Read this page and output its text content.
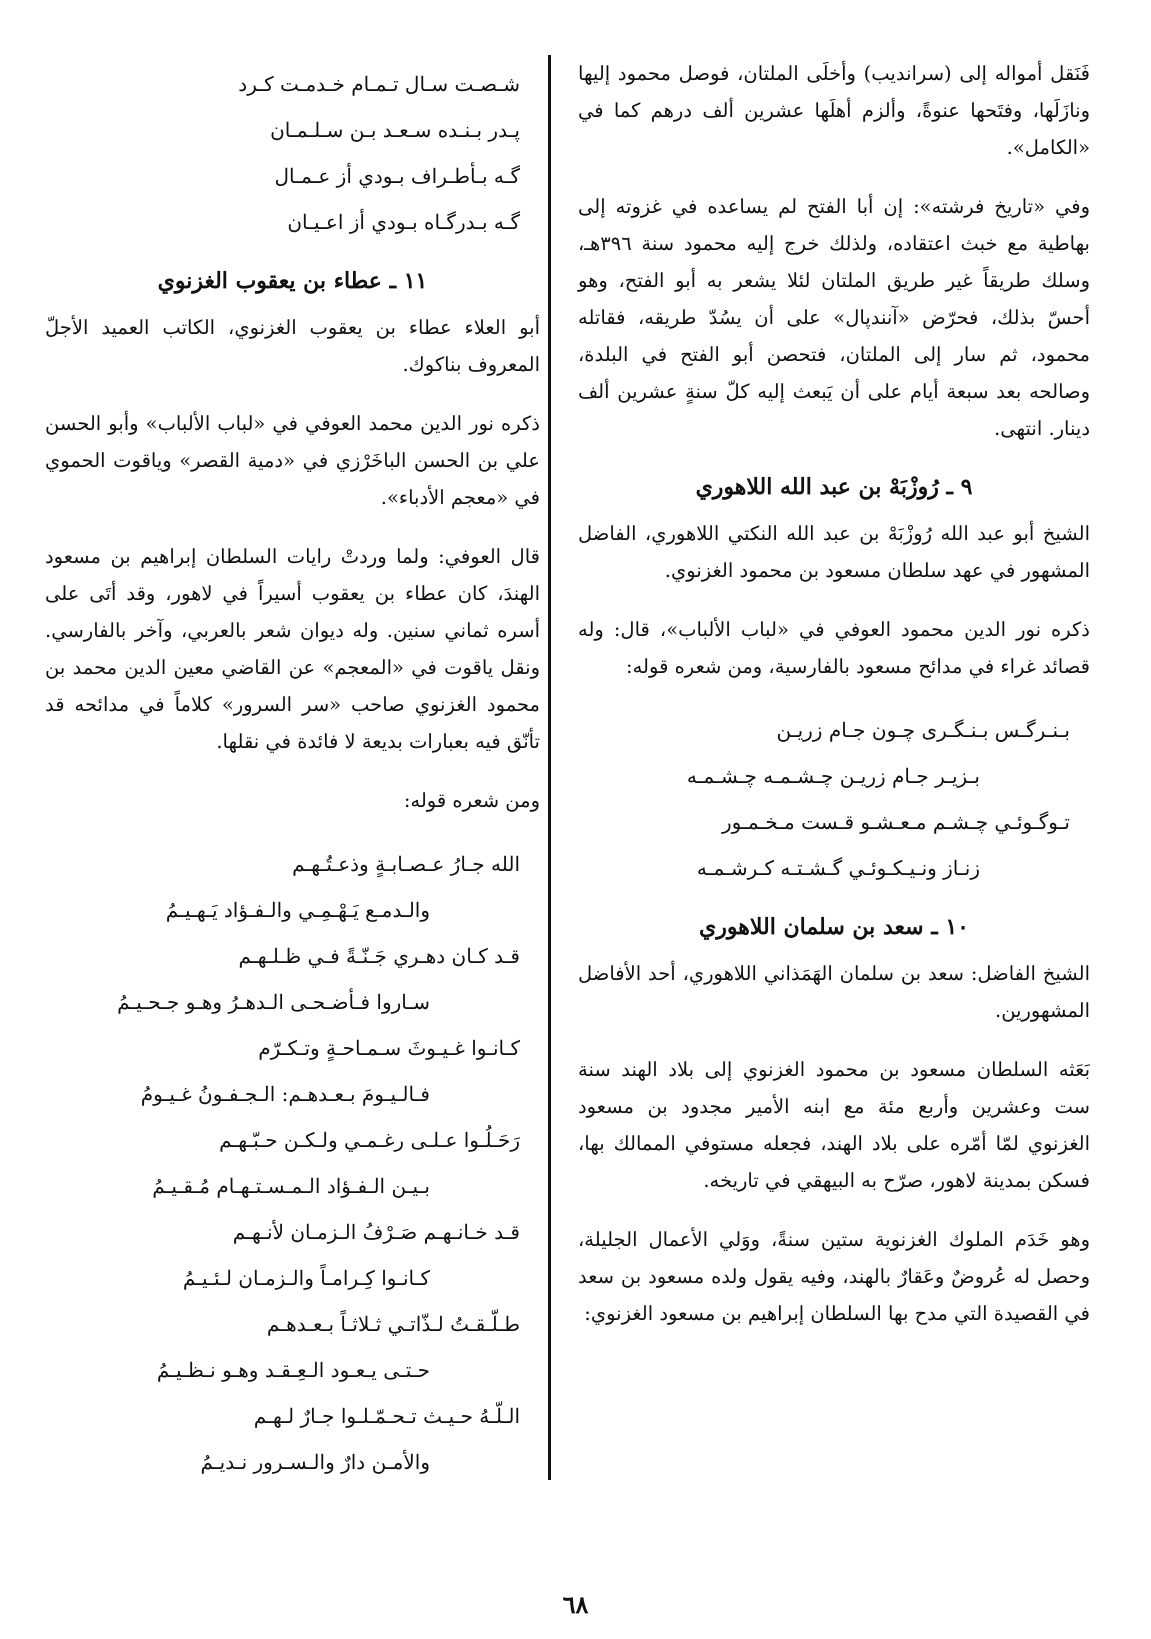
فَنَقل أمواله إلى (سرانديب) وأخلَى الملتان، فوصل محمود إليها ونازَلَها، وفتَحها عنوةً، وألزم أهلَها عشرين ألف درهم كما في «الكامل».

وفي «تاريخ فرشته»: إن أبا الفتح لم يساعده في غزوته إلى بهاطية مع خبث اعتقاده، ولذلك خرج إليه محمود سنة ٣٩٦هـ، وسلك طريقاً غير طريق الملتان لئلا يشعر به أبو الفتح، وهو أحسّ بذلك، فحرّض «آنندپال» على أن يسُدّ طريقه، فقاتله محمود، ثم سار إلى الملتان، فتحصن أبو الفتح في البلدة، وصالحه بعد سبعة أيام على أن يَبعث إليه كلّ سنةٍ عشرين ألف دينار. انتهى.

٩ ـ رُوزْبَهْ بن عبد الله اللاهوري

الشيخ أبو عبد الله رُوزْبَهْ بن عبد الله النكتي اللاهوري، الفاضل المشهور في عهد سلطان مسعود بن محمود الغزنوي.

ذكره نور الدين محمود العوفي في «لباب الألباب»، قال: وله قصائد غراء في مدائح مسعود بالفارسية، ومن شعره قوله:

بـنـرگـس بـنـگـرى چـون جـام زريـن

بـزيـر جـام زريـن چـشـمـه چـشـمـه

تـوگـوئـي چـشـم مـعـشـو قـست مـخـمـور

زنـاز ونـيـكـوئـي گـشـتـه كـرشـمـه

١٠ ـ سعد بن سلمان اللاهوري

الشيخ الفاضل: سعد بن سلمان الهَمَذاني اللاهوري، أحد الأفاضل المشهورين.

بَعَثه السلطان مسعود بن محمود الغزنوي إلى بلاد الهند سنة ست وعشرين وأربع مئة مع ابنه الأمير مجدود بن مسعود الغزنوي لمّا أمّره على بلاد الهند، فجعله مستوفي الممالك بها، فسكن بمدينة لاهور، صرّح به البيهقي في تاريخه.

وهو خَدَم الملوك الغزنوية ستين سنةً، ووَلي الأعمال الجليلة، وحصل له عُروضٌ وعَقارٌ بالهند، وفيه يقول ولده مسعود بن سعد في القصيدة التي مدح بها السلطان إبراهيم بن مسعود الغزنوي:

شـصـت سـال تـمـام خـدمـت كـرد

پـدر بـنـده سـعـد بـن سـلـمـان

گـه بـأطـراف بـودي أز عـمـال

گـه بـدرگـاه بـودي أز اعـيـان

١١ ـ عطاء بن يعقوب الغزنوي

أبو العلاء عطاء بن يعقوب الغزنوي، الكاتب العميد الأجلّ المعروف بناكوك.

ذكره نور الدين محمد العوفي في «لباب الألباب» وأبو الحسن علي بن الحسن الباخَرْزي في «دمية القصر» وياقوت الحموي في «معجم الأدباء».

قال العوفي: ولما وردتْ رايات السلطان إبراهيم بن مسعود الهندَ، كان عطاء بن يعقوب أسيراً في لاهور، وقد أتَى على أسره ثماني سنين. وله ديوان شعر بالعربي، وآخر بالفارسي. ونقل ياقوت في «المعجم» عن القاضي معين الدين محمد بن محمود الغزنوي صاحب «سر السرور» كلاماً في مدائحه قد تأنّق فيه بعبارات بديعة لا فائدة في نقلها.

ومن شعره قوله:

الله جـارُ عـصـابـةٍ وذعـتُـهـم

والـدمـع يَـهْـمِـي والـفـؤاد يَـهـيـمُ

قـد كـان دهـري جَـنّـةً فـي ظـلـهـم

سـاروا فـأضـحـى الـدهـرُ وهـو جـحـيـمُ

كـانـوا غـيـوثَ سـمـاحـةٍ وتـكـرّم

فـالـيـومَ بـعـدهـم: الـجـفـونُ غـيـومُ

رَحَـلُـوا عـلـى رغـمـي ولـكـن حـبّـهـم

بـيـن الـفـؤاد الـمـسـتـهـام مُـقـيـمُ

قـد خـانـهـم صَـرْفُ الـزمـان لأنـهـم

كـانـوا كِـرامـاً والـزمـان لـئـيـمُ

طـلّـقـتُ لـذّاتـي ثـلاثـاً بـعـدهـم

حـتـى يـعـود الـعِـقـد وهـو نـظـيـمُ

الـلّـهُ حـيـث تـحـمّـلـوا جـارٌ لـهـم

والأمـن دارٌ والـسـرور نـديـمُ

٦٨
